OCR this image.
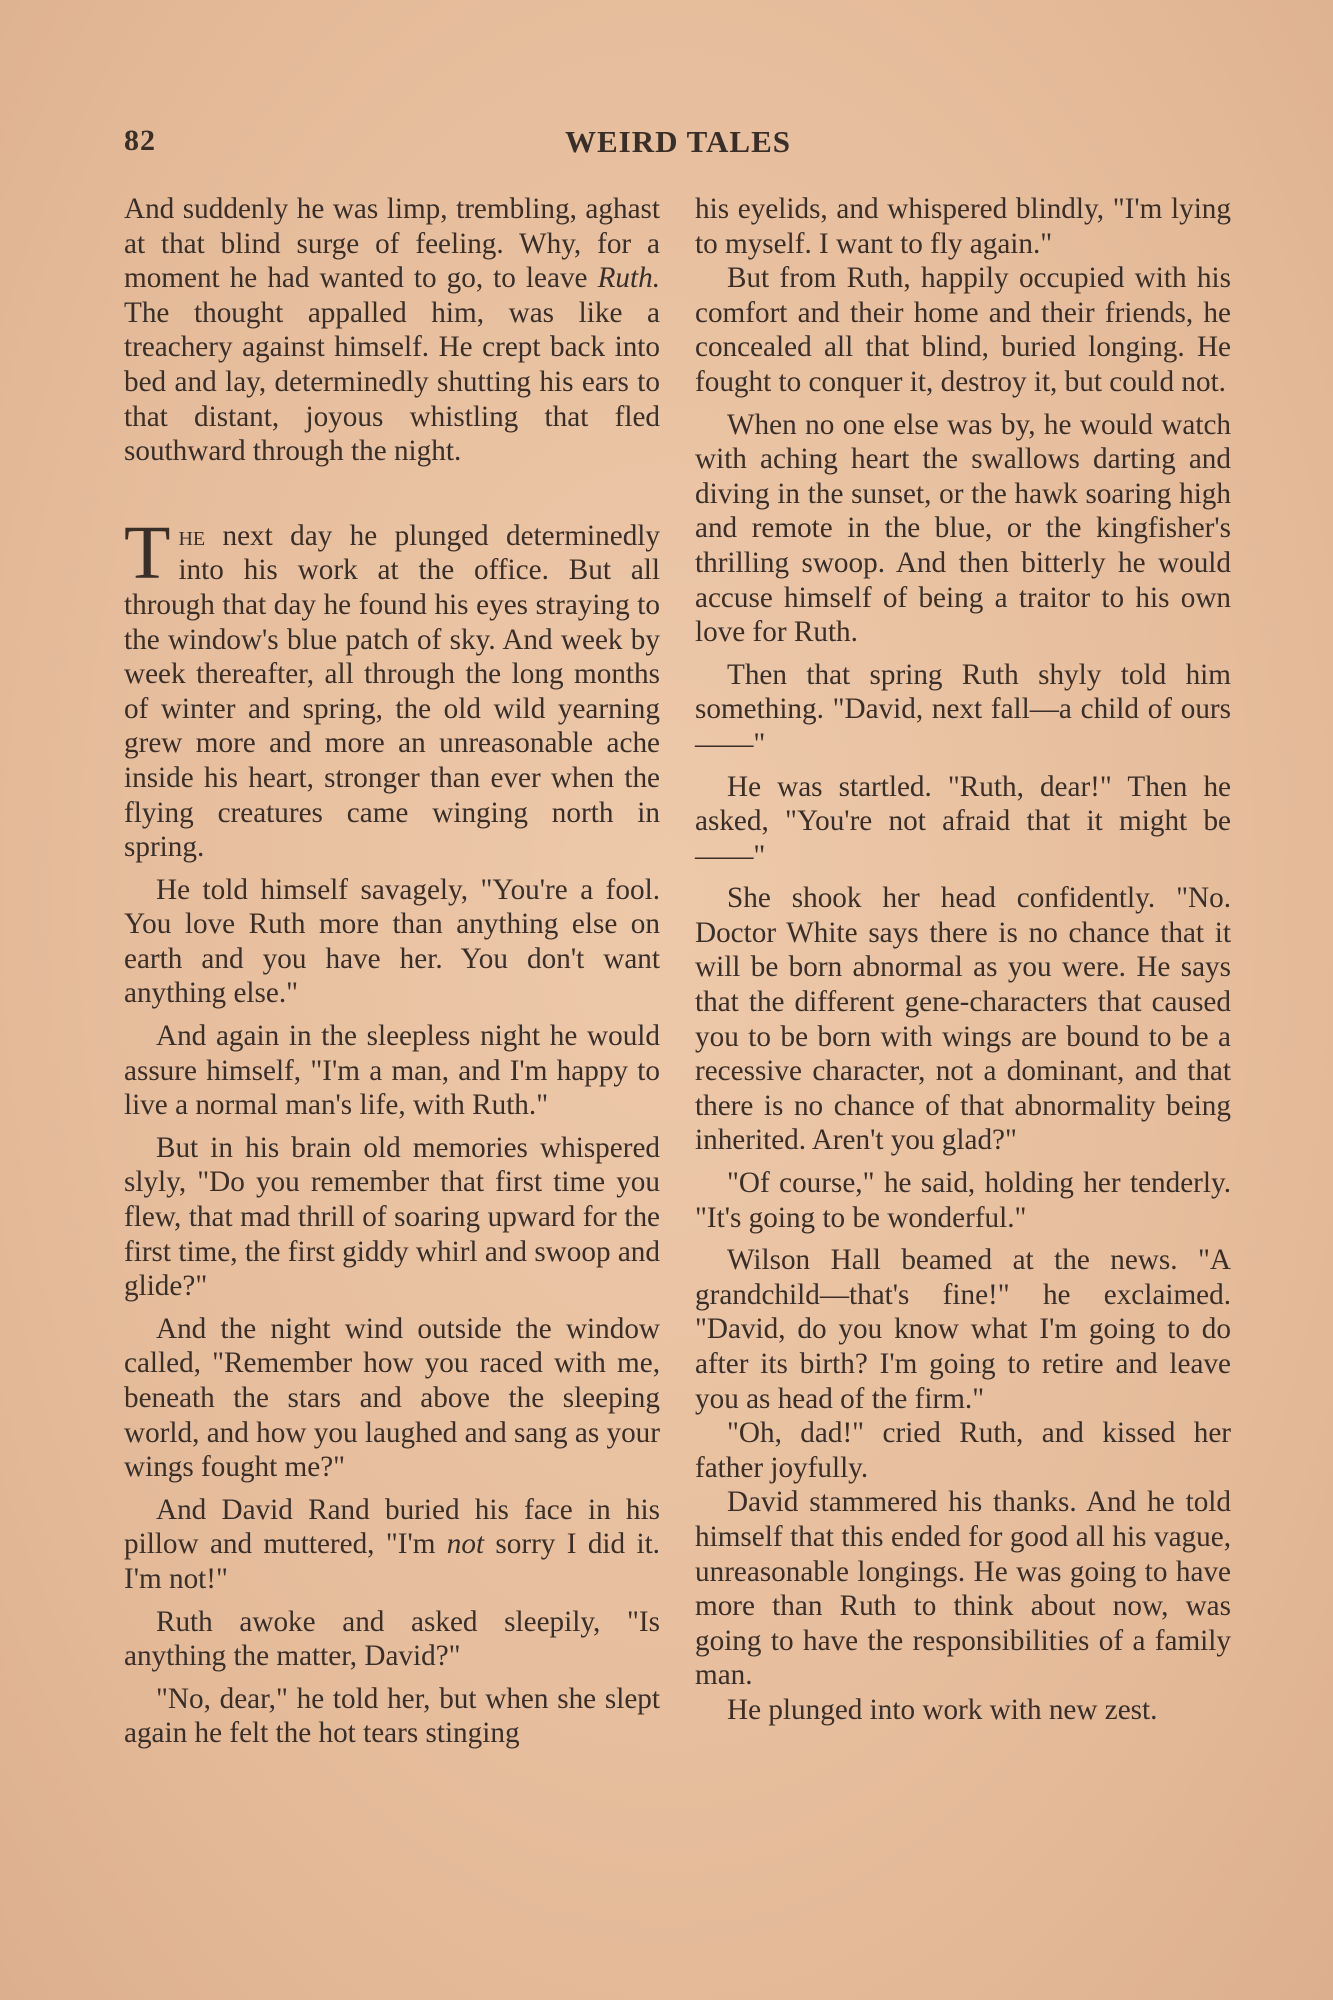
82	WEIRD TALES

And suddenly he was limp, trembling, aghast at that blind surge of feeling. Why, for a moment he had wanted to go, to leave Ruth. The thought appalled him, was like a treachery against himself. He crept back into bed and lay, determinedly shutting his ears to that distant, joyous whistling that fled southward through the night.

The next day he plunged determinedly into his work at the office. But all through that day he found his eyes straying to the window's blue patch of sky. And week by week thereafter, all through the long months of winter and spring, the old wild yearning grew more and more an unreasonable ache inside his heart, stronger than ever when the flying creatures came winging north in spring.

He told himself savagely, "You're a fool. You love Ruth more than anything else on earth and you have her. You don't want anything else."

And again in the sleepless night he would assure himself, "I'm a man, and I'm happy to live a normal man's life, with Ruth."

But in his brain old memories whispered slyly, "Do you remember that first time you flew, that mad thrill of soaring upward for the first time, the first giddy whirl and swoop and glide?"

And the night wind outside the window called, "Remember how you raced with me, beneath the stars and above the sleeping world, and how you laughed and sang as your wings fought me?"

And David Rand buried his face in his pillow and muttered, "I'm not sorry I did it. I'm not!"

Ruth awoke and asked sleepily, "Is anything the matter, David?"

"No, dear," he told her, but when she slept again he felt the hot tears stinging

his eyelids, and whispered blindly, "I'm lying to myself. I want to fly again."

But from Ruth, happily occupied with his comfort and their home and their friends, he concealed all that blind, buried longing. He fought to conquer it, destroy it, but could not.

When no one else was by, he would watch with aching heart the swallows darting and diving in the sunset, or the hawk soaring high and remote in the blue, or the kingfisher's thrilling swoop. And then bitterly he would accuse himself of being a traitor to his own love for Ruth.

Then that spring Ruth shyly told him something. "David, next fall—a child of ours——"

He was startled. "Ruth, dear!" Then he asked, "You're not afraid that it might be——"

She shook her head confidently. "No. Doctor White says there is no chance that it will be born abnormal as you were. He says that the different gene-characters that caused you to be born with wings are bound to be a recessive character, not a dominant, and that there is no chance of that abnormality being inherited. Aren't you glad?"

"Of course," he said, holding her tenderly. "It's going to be wonderful."

Wilson Hall beamed at the news. "A grandchild—that's fine!" he exclaimed. "David, do you know what I'm going to do after its birth? I'm going to retire and leave you as head of the firm."

"Oh, dad!" cried Ruth, and kissed her father joyfully.

David stammered his thanks. And he told himself that this ended for good all his vague, unreasonable longings. He was going to have more than Ruth to think about now, was going to have the responsibilities of a family man.

He plunged into work with new zest.
